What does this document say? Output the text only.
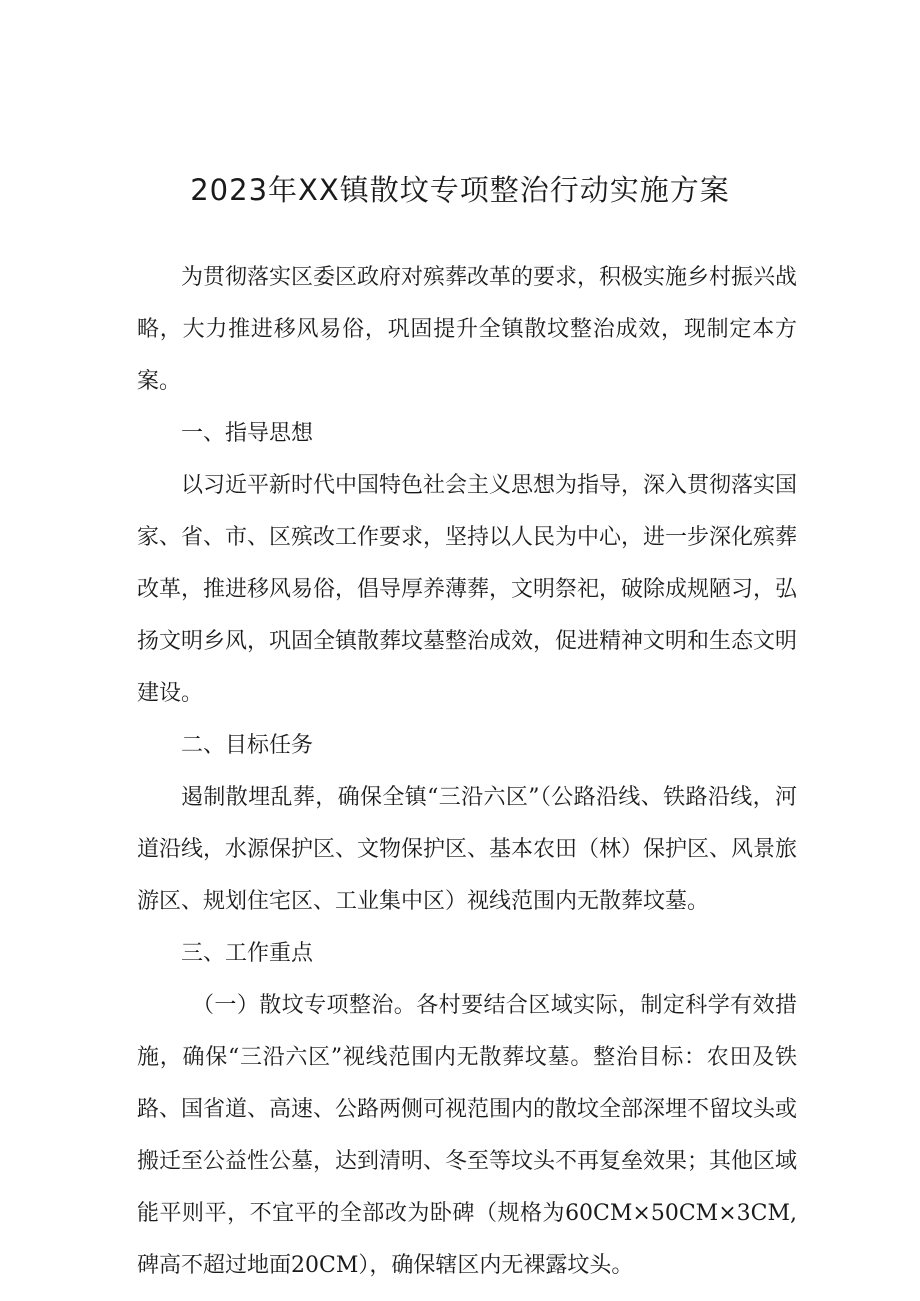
2023年XX镇散坟专项整治行动实施方案

为贯彻落实区委区政府对殡葬改革的要求，积极实施乡村振兴战略，大力推进移风易俗，巩固提升全镇散坟整治成效，现制定本方案。

一、指导思想

以习近平新时代中国特色社会主义思想为指导，深入贯彻落实国家、省、市、区殡改工作要求，坚持以人民为中心，进一步深化殡葬改革，推进移风易俗，倡导厚养薄葬，文明祭祀，破除成规陋习，弘扬文明乡风，巩固全镇散葬坟墓整治成效，促进精神文明和生态文明建设。

二、目标任务

遏制散埋乱葬，确保全镇“三沿六区”（公路沿线、铁路沿线，河道沿线，水源保护区、文物保护区、基本农田（林）保护区、风景旅游区、规划住宅区、工业集中区）视线范围内无散葬坟墓。

三、工作重点

（一）散坟专项整治。各村要结合区域实际，制定科学有效措施，确保“三沿六区”视线范围内无散葬坟墓。整治目标：农田及铁路、国省道、高速、公路两侧可视范围内的散坟全部深埋不留坟头或搬迁至公益性公墓，达到清明、冬至等坟头不再复垒效果；其他区域能平则平，不宜平的全部改为卧碑（规格为60CM×50CM×3CM,碑高不超过地面20CM），确保辖区内无裸露坟头。
